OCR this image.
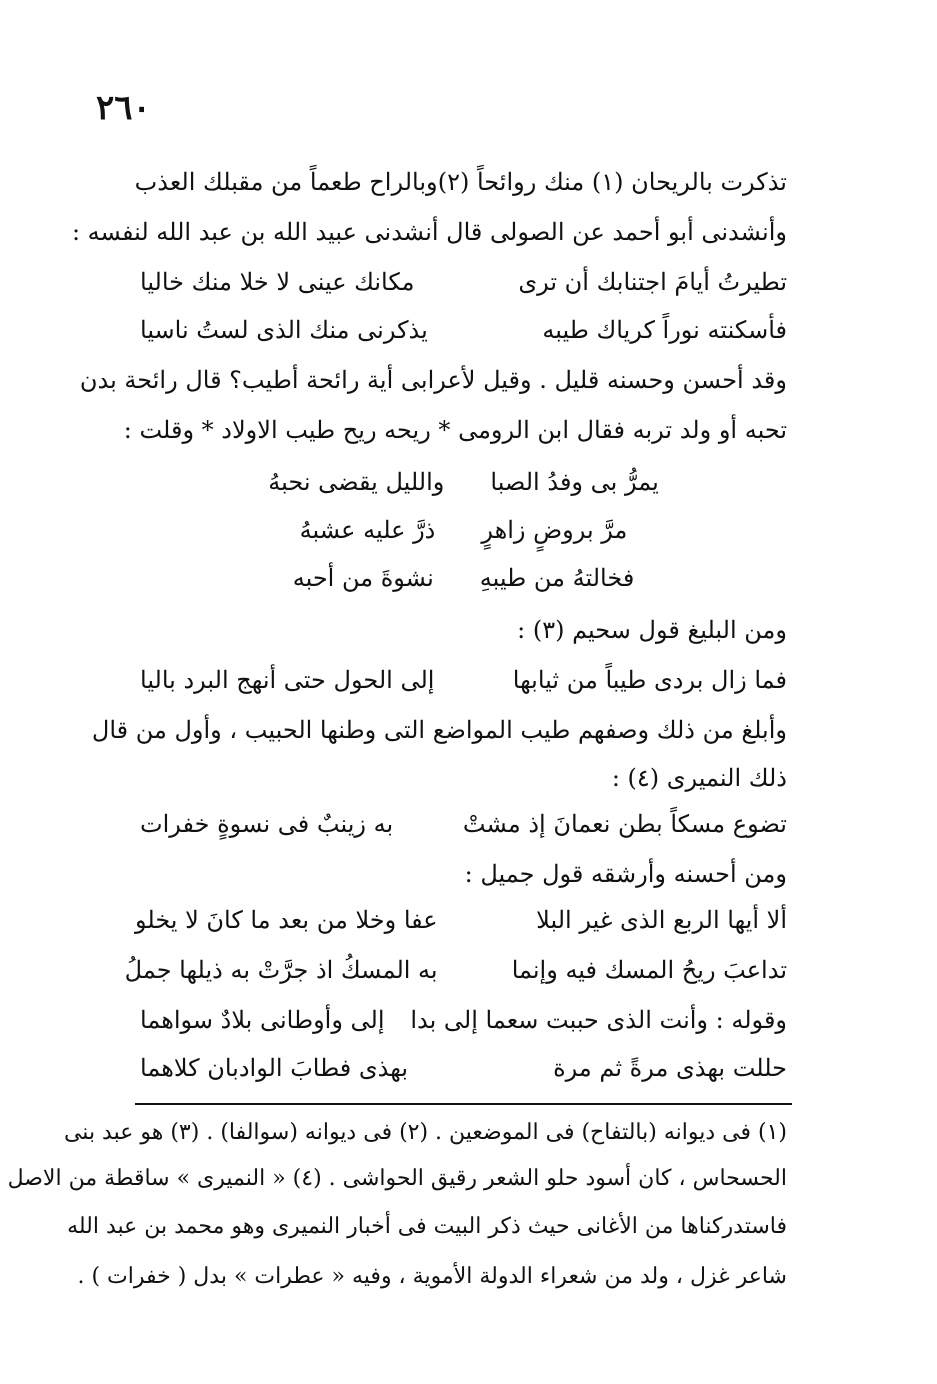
٢٦٠
تذكرت بالريحان (١) منك روائحاً (٢)
وبالراح طعماً من مقبلك العذب
وأنشدنى أبو أحمد عن الصولى قال أنشدنى عبيد الله بن عبد الله لنفسه :
تطيرتُ أيامَ اجتنابك أن ترى
مكانك عينى لا خلا منك خاليا
فأسكنته نوراً كرياك طيبه
يذكرنى منك الذى لستُ ناسيا
وقد أحسن وحسنه قليل . وقيل لأعرابى أية رائحة أطيب؟ قال رائحة بدن
تحبه أو ولد تربه فقال ابن الرومى * ريحه ريح طيب الاولاد * وقلت :
يمرُّ بى وفدُ الصبا
والليل يقضى نحبهُ
مرَّ بروضٍ زاهرٍ
ذرَّ عليه عشبهُ
فخالتهُ من طيبهِ
نشوةَ من أحبه
ومن البليغ قول سحيم (٣) :
فما زال بردى طيباً من ثيابها
إلى الحول حتى أنهج البرد باليا
وأبلغ من ذلك وصفهم طيب المواضع التى وطنها الحبيب ، وأول من قال
ذلك النميرى (٤) :
تضوع مسكاً بطن نعمانَ إذ مشتْ
به زينبٌ فى نسوةٍ خفرات
ومن أحسنه وأرشقه قول جميل :
ألا أيها الربع الذى غير البلا
عفا وخلا من بعد ما كانَ لا يخلو
تداعبَ ريحُ المسك فيه وإنما
به المسكُ اذ جرَّتْ به ذيلها جملُ
وقوله : وأنت الذى حببت سعما إلى بدا
إلى وأوطانى بلادٌ سواهما
حللت بهذى مرةً ثم مرة
بهذى فطابَ الوادبان كلاهما
(١) فى ديوانه (بالتفاح) فى الموضعين . (٢) فى ديوانه (سوالفا) . (٣) هو عبد بنى
الحسحاس ، كان أسود حلو الشعر رقيق الحواشى . (٤) « النميرى » ساقطة من الاصل
فاستدركناها من الأغانى حيث ذكر البيت فى أخبار النميرى وهو محمد بن عبد الله
شاعر غزل ، ولد من شعراء الدولة الأموية ، وفيه « عطرات » بدل ( خفرات ) .
